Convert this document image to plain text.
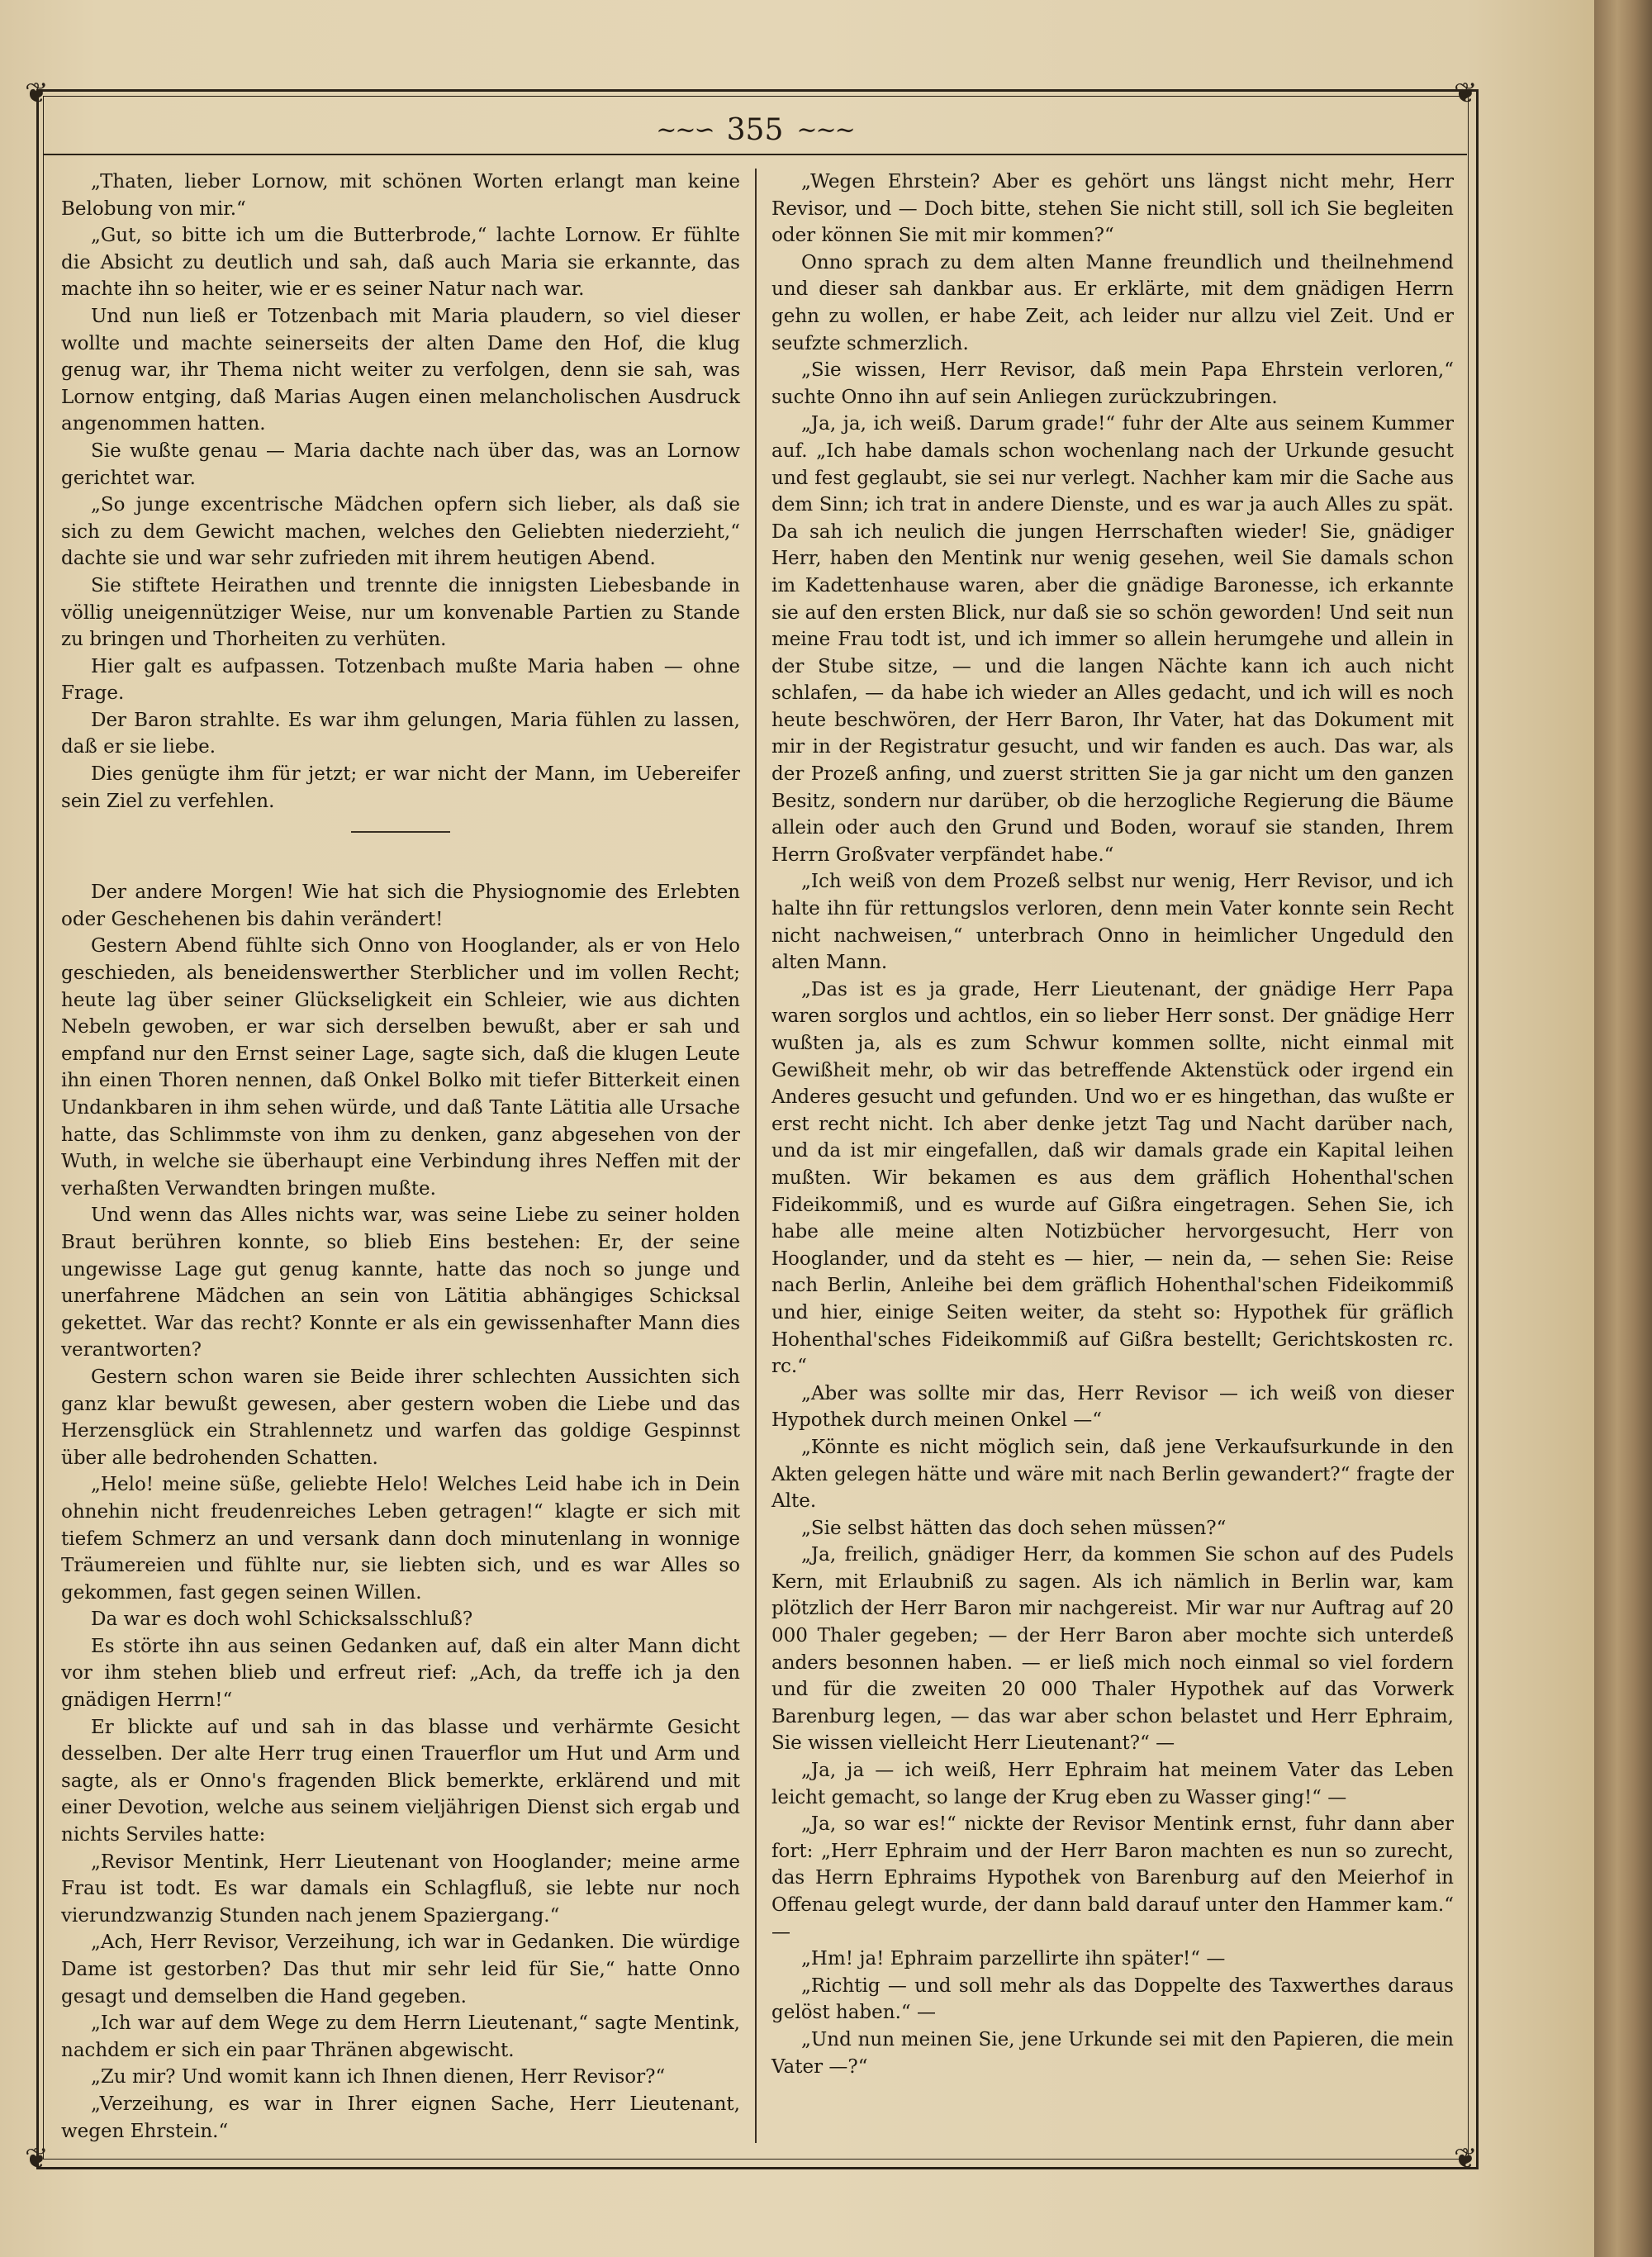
❦	❦
❦	❦
~~∽ 355 ∼~~

„Thaten, lieber Lornow, mit schönen Worten erlangt man keine Belobung von mir.“

„Gut, so bitte ich um die Butterbrode,“ lachte Lornow. Er fühlte die Absicht zu deutlich und sah, daß auch Maria sie erkannte, das machte ihn so heiter, wie er es seiner Natur nach war.

Und nun ließ er Totzenbach mit Maria plaudern, so viel dieser wollte und machte seinerseits der alten Dame den Hof, die klug genug war, ihr Thema nicht weiter zu verfolgen, denn sie sah, was Lornow entging, daß Marias Augen einen melancholischen Ausdruck angenommen hatten.

Sie wußte genau — Maria dachte nach über das, was an Lornow gerichtet war.

„So junge excentrische Mädchen opfern sich lieber, als daß sie sich zu dem Gewicht machen, welches den Geliebten niederzieht,“ dachte sie und war sehr zufrieden mit ihrem heutigen Abend.

Sie stiftete Heirathen und trennte die innigsten Liebesbande in völlig uneigennütziger Weise, nur um konvenable Partien zu Stande zu bringen und Thorheiten zu verhüten.

Hier galt es aufpassen. Totzenbach mußte Maria haben — ohne Frage.

Der Baron strahlte. Es war ihm gelungen, Maria fühlen zu lassen, daß er sie liebe.

Dies genügte ihm für jetzt; er war nicht der Mann, im Uebereifer sein Ziel zu verfehlen.

Der andere Morgen! Wie hat sich die Physiognomie des Erlebten oder Geschehenen bis dahin verändert!

Gestern Abend fühlte sich Onno von Hooglander, als er von Helo geschieden, als beneidenswerther Sterblicher und im vollen Recht; heute lag über seiner Glückseligkeit ein Schleier, wie aus dichten Nebeln gewoben, er war sich derselben bewußt, aber er sah und empfand nur den Ernst seiner Lage, sagte sich, daß die klugen Leute ihn einen Thoren nennen, daß Onkel Bolko mit tiefer Bitterkeit einen Undankbaren in ihm sehen würde, und daß Tante Lätitia alle Ursache hatte, das Schlimmste von ihm zu denken, ganz abgesehen von der Wuth, in welche sie überhaupt eine Verbindung ihres Neffen mit der verhaßten Verwandten bringen mußte.

Und wenn das Alles nichts war, was seine Liebe zu seiner holden Braut berühren konnte, so blieb Eins bestehen: Er, der seine ungewisse Lage gut genug kannte, hatte das noch so junge und unerfahrene Mädchen an sein von Lätitia abhängiges Schicksal gekettet. War das recht? Konnte er als ein gewissenhafter Mann dies verantworten?

Gestern schon waren sie Beide ihrer schlechten Aussichten sich ganz klar bewußt gewesen, aber gestern woben die Liebe und das Herzensglück ein Strahlennetz und warfen das goldige Gespinnst über alle bedrohenden Schatten.

„Helo! meine süße, geliebte Helo! Welches Leid habe ich in Dein ohnehin nicht freudenreiches Leben getragen!“ klagte er sich mit tiefem Schmerz an und versank dann doch minutenlang in wonnige Träumereien und fühlte nur, sie liebten sich, und es war Alles so gekommen, fast gegen seinen Willen.

Da war es doch wohl Schicksalsschluß?

Es störte ihn aus seinen Gedanken auf, daß ein alter Mann dicht vor ihm stehen blieb und erfreut rief: „Ach, da treffe ich ja den gnädigen Herrn!“

Er blickte auf und sah in das blasse und verhärmte Gesicht desselben. Der alte Herr trug einen Trauerflor um Hut und Arm und sagte, als er Onno's fragenden Blick bemerkte, erklärend und mit einer Devotion, welche aus seinem vieljährigen Dienst sich ergab und nichts Serviles hatte:

„Revisor Mentink, Herr Lieutenant von Hooglander; meine arme Frau ist todt. Es war damals ein Schlagfluß, sie lebte nur noch vierundzwanzig Stunden nach jenem Spaziergang.“

„Ach, Herr Revisor, Verzeihung, ich war in Gedanken. Die würdige Dame ist gestorben? Das thut mir sehr leid für Sie,“ hatte Onno gesagt und demselben die Hand gegeben.

„Ich war auf dem Wege zu dem Herrn Lieutenant,“ sagte Mentink, nachdem er sich ein paar Thränen abgewischt.

„Zu mir? Und womit kann ich Ihnen dienen, Herr Revisor?“

„Verzeihung, es war in Ihrer eignen Sache, Herr Lieutenant, wegen Ehrstein.“

„Wegen Ehrstein? Aber es gehört uns längst nicht mehr, Herr Revisor, und — Doch bitte, stehen Sie nicht still, soll ich Sie begleiten oder können Sie mit mir kommen?“

Onno sprach zu dem alten Manne freundlich und theilnehmend und dieser sah dankbar aus. Er erklärte, mit dem gnädigen Herrn gehn zu wollen, er habe Zeit, ach leider nur allzu viel Zeit. Und er seufzte schmerzlich.

„Sie wissen, Herr Revisor, daß mein Papa Ehrstein verloren,“ suchte Onno ihn auf sein Anliegen zurückzubringen.

„Ja, ja, ich weiß. Darum grade!“ fuhr der Alte aus seinem Kummer auf. „Ich habe damals schon wochenlang nach der Urkunde gesucht und fest geglaubt, sie sei nur verlegt. Nachher kam mir die Sache aus dem Sinn; ich trat in andere Dienste, und es war ja auch Alles zu spät. Da sah ich neulich die jungen Herrschaften wieder! Sie, gnädiger Herr, haben den Mentink nur wenig gesehen, weil Sie damals schon im Kadettenhause waren, aber die gnädige Baronesse, ich erkannte sie auf den ersten Blick, nur daß sie so schön geworden! Und seit nun meine Frau todt ist, und ich immer so allein herumgehe und allein in der Stube sitze, — und die langen Nächte kann ich auch nicht schlafen, — da habe ich wieder an Alles gedacht, und ich will es noch heute beschwören, der Herr Baron, Ihr Vater, hat das Dokument mit mir in der Registratur gesucht, und wir fanden es auch. Das war, als der Prozeß anfing, und zuerst stritten Sie ja gar nicht um den ganzen Besitz, sondern nur darüber, ob die herzogliche Regierung die Bäume allein oder auch den Grund und Boden, worauf sie standen, Ihrem Herrn Großvater verpfändet habe.“

„Ich weiß von dem Prozeß selbst nur wenig, Herr Revisor, und ich halte ihn für rettungslos verloren, denn mein Vater konnte sein Recht nicht nachweisen,“ unterbrach Onno in heimlicher Ungeduld den alten Mann.

„Das ist es ja grade, Herr Lieutenant, der gnädige Herr Papa waren sorglos und achtlos, ein so lieber Herr sonst. Der gnädige Herr wußten ja, als es zum Schwur kommen sollte, nicht einmal mit Gewißheit mehr, ob wir das betreffende Aktenstück oder irgend ein Anderes gesucht und gefunden. Und wo er es hingethan, das wußte er erst recht nicht. Ich aber denke jetzt Tag und Nacht darüber nach, und da ist mir eingefallen, daß wir damals grade ein Kapital leihen mußten. Wir bekamen es aus dem gräflich Hohenthal'schen Fideikommiß, und es wurde auf Gißra eingetragen. Sehen Sie, ich habe alle meine alten Notizbücher hervorgesucht, Herr von Hooglander, und da steht es — hier, — nein da, — sehen Sie: Reise nach Berlin, Anleihe bei dem gräflich Hohenthal'schen Fideikommiß und hier, einige Seiten weiter, da steht so: Hypothek für gräflich Hohenthal'sches Fideikommiß auf Gißra bestellt; Gerichtskosten rc. rc.“

„Aber was sollte mir das, Herr Revisor — ich weiß von dieser Hypothek durch meinen Onkel —“

„Könnte es nicht möglich sein, daß jene Verkaufsurkunde in den Akten gelegen hätte und wäre mit nach Berlin gewandert?“ fragte der Alte.

„Sie selbst hätten das doch sehen müssen?“

„Ja, freilich, gnädiger Herr, da kommen Sie schon auf des Pudels Kern, mit Erlaubniß zu sagen. Als ich nämlich in Berlin war, kam plötzlich der Herr Baron mir nachgereist. Mir war nur Auftrag auf 20 000 Thaler gegeben; — der Herr Baron aber mochte sich unterdeß anders besonnen haben. — er ließ mich noch einmal so viel fordern und für die zweiten 20 000 Thaler Hypothek auf das Vorwerk Barenburg legen, — das war aber schon belastet und Herr Ephraim, Sie wissen vielleicht Herr Lieutenant?“ —

„Ja, ja — ich weiß, Herr Ephraim hat meinem Vater das Leben leicht gemacht, so lange der Krug eben zu Wasser ging!“ —

„Ja, so war es!“ nickte der Revisor Mentink ernst, fuhr dann aber fort: „Herr Ephraim und der Herr Baron machten es nun so zurecht, das Herrn Ephraims Hypothek von Barenburg auf den Meierhof in Offenau gelegt wurde, der dann bald darauf unter den Hammer kam.“ —

„Hm! ja! Ephraim parzellirte ihn später!“ —

„Richtig — und soll mehr als das Doppelte des Taxwerthes daraus gelöst haben.“ —

„Und nun meinen Sie, jene Urkunde sei mit den Papieren, die mein Vater —?“
